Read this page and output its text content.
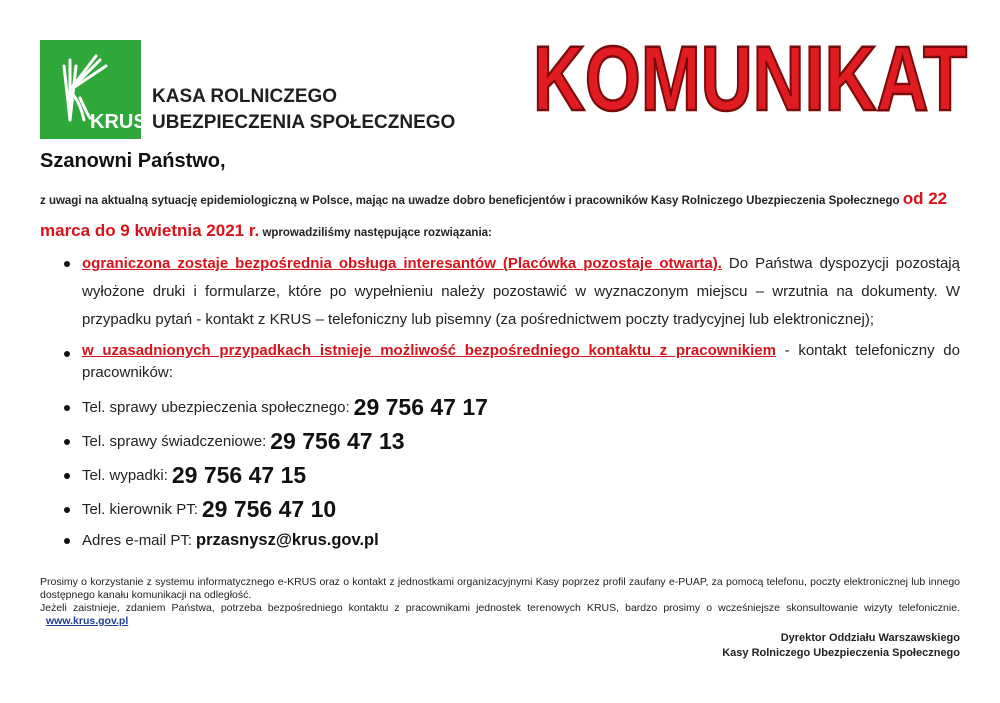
KRUS
KASA ROLNICZEGO
UBEZPIECZENIA SPOŁECZNEGO KOMUNIKAT
Szanowni Państwo,
z uwagi na aktualną sytuację epidemiologiczną w Polsce, mając na uwadze dobro beneficjentów i pracowników Kasy Rolniczego Ubezpieczenia Społecznego od 22 marca do 9 kwietnia 2021 r. wprowadziliśmy następujące rozwiązania:
ograniczona zostaje bezpośrednia obsługa interesantów (Placówka pozostaje otwarta). Do Państwa dyspozycji pozostają wyłożone druki i formularze, które po wypełnieniu należy pozostawić w wyznaczonym miejscu – wrzutnia na dokumenty. W przypadku pytań - kontakt z KRUS – telefoniczny lub pisemny (za pośrednictwem poczty tradycyjnej lub elektronicznej);
w uzasadnionych przypadkach istnieje możliwość bezpośredniego kontaktu z pracownikiem - kontakt telefoniczny do pracowników:
Tel. sprawy ubezpieczenia społecznego: 29 756 47 17
Tel. sprawy świadczeniowe: 29 756 47 13
Tel. wypadki: 29 756 47 15
Tel. kierownik PT: 29 756 47 10
Adres e-mail PT: przasnysz@krus.gov.pl
Prosimy o korzystanie z systemu informatycznego e-KRUS oraz o kontakt z jednostkami organizacyjnymi Kasy poprzez profil zaufany e-PUAP, za pomocą telefonu, poczty elektronicznej lub innego dostępnego kanału komunikacji na odległość.
Jeżeli zaistnieje, zdaniem Państwa, potrzeba bezpośredniego kontaktu z pracownikami jednostek terenowych KRUS, bardzo prosimy o wcześniejsze skonsultowanie wizyty telefonicznie. www.krus.gov.pl
Dyrektor Oddziału Warszawskiego
Kasy Rolniczego Ubezpieczenia Społecznego
